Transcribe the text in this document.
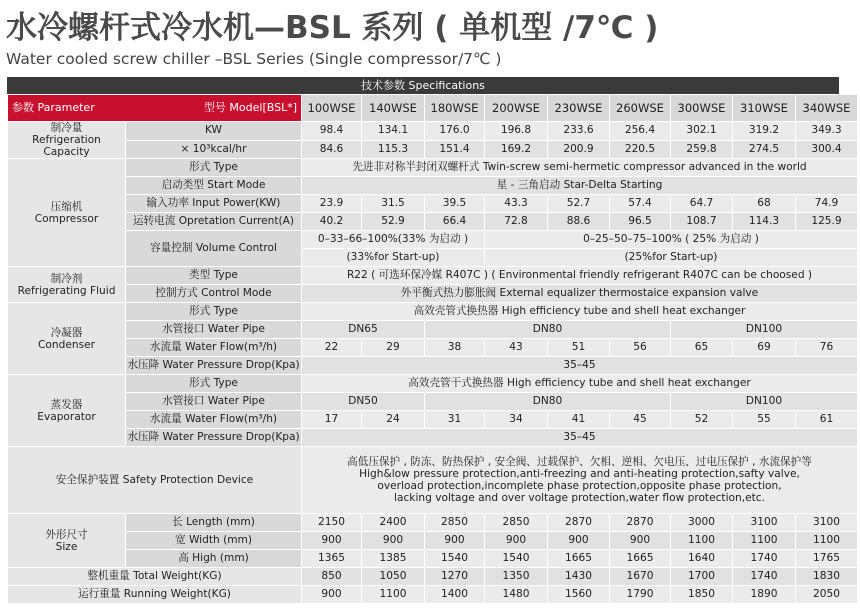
水冷螺杆式冷水机—BSL 系列 ( 单机型 /7℃ )
Water cooled screw chiller –BSL Series (Single compressor/7℃ )
技术参数 Specifications
参数 Parameter 型号 Model[BSL*]		100WSE	140WSE	180WSE	200WSE	230WSE	260WSE	300WSE	310WSE	340WSE

制冷量
Refrigeration Capacity	KW	98.4	134.1	176.0	196.8	233.6	256.4	302.1	319.2	349.3
	× 10³kcal/hr	84.6	115.3	151.4	169.2	200.9	220.5	259.8	274.5	300.4

压缩机
Compressor	形式 Type	先进非对称半封闭双螺杆式 Twin-screw semi-hermetic compressor advanced in the world								
	启动类型 Start Mode	星 - 三角启动 Star-Delta Starting								
	输入功率 Input Power(KW)	23.9	31.5	39.5	43.3	52.7	57.4	64.7	68	74.9
	运转电流 Opretation Current(A)	40.2	52.9	66.4	72.8	88.6	96.5	108.7	114.3	125.9
	容量控制 Volume Control	0–33–66–100%(33% 为启动 )			0–25–50–75–100% ( 25% 为启动 )					
		(33%for Start-up)			(25%for Start-up)					

制冷剂
Refrigerating Fluid	类型 Type	R22 ( 可选环保冷媒 R407C ) ( Environmental friendly refrigerant R407C can be choosed )								
	控制方式 Control Mode	外平衡式热力膨胀阀 External equalizer thermostaice expansion valve								

冷凝器
Condenser	形式 Type	高效壳管式换热器 High efficiency tube and shell heat exchanger								
	水管接口 Water Pipe	DN65		DN80				DN100		
	水流量 Water Flow(m³/h)	22	29	38	43	51	56	65	69	76
	水压降 Water Pressure Drop(Kpa)	35–45								

蒸发器
Evaporator	形式 Type	高效壳管干式换热器 High efficiency tube and shell heat exchanger								
	水管接口 Water Pipe	DN50		DN80				DN100		
	水流量 Water Flow(m³/h)	17	24	31	34	41	45	52	55	61
	水压降 Water Pressure Drop(Kpa)	35–45								
安全保护装置 Safety Protection Device		高低压保护 , 防冻、防热保护 , 安全阀、过载保护、欠相、逆相、欠电压、过电压保护 , 水流保护等
High&low pressure protection,anti-freezing and anti-heating protection,safty valve,
overload protection,incomplete phase protection,opposite phase protection,
lacking voltage and over voltage protection,water flow protection,etc.								

外形尺寸
Size	长 Length (mm)	2150	2400	2850	2850	2870	2870	3000	3100	3100
	宽 Width (mm)	900	900	900	900	900	900	1100	1100	1100
	高 High (mm)	1365	1385	1540	1540	1665	1665	1640	1740	1765
整机重量 Total Weight(KG)		850	1050	1270	1350	1430	1670	1700	1740	1830
运行重量 Running Weight(KG)		900	1100	1400	1480	1560	1790	1850	1890	2050
